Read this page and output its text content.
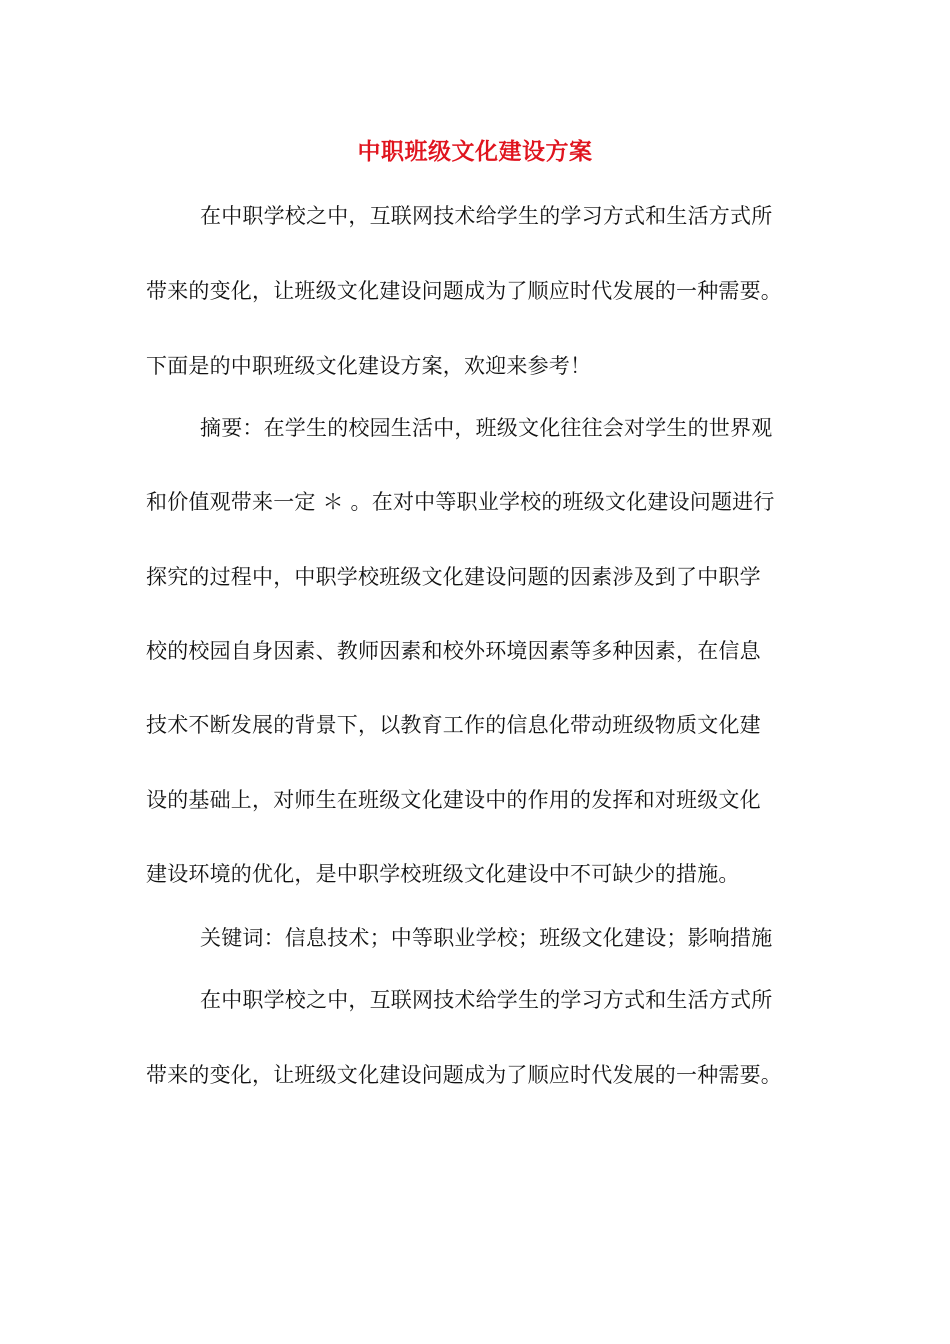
中职班级文化建设方案
在中职学校之中，互联网技术给学生的学习方式和生活方式所
带来的变化，让班级文化建设问题成为了顺应时代发展的一种需要。
下面是的中职班级文化建设方案，欢迎来参考！
摘要：在学生的校园生活中，班级文化往往会对学生的世界观
和价值观带来一定 ＊ 。在对中等职业学校的班级文化建设问题进行
探究的过程中，中职学校班级文化建设问题的因素涉及到了中职学
校的校园自身因素、教师因素和校外环境因素等多种因素，在信息
技术不断发展的背景下，以教育工作的信息化带动班级物质文化建
设的基础上，对师生在班级文化建设中的作用的发挥和对班级文化
建设环境的优化，是中职学校班级文化建设中不可缺少的措施。
关键词：信息技术；中等职业学校；班级文化建设；影响措施
在中职学校之中，互联网技术给学生的学习方式和生活方式所
带来的变化，让班级文化建设问题成为了顺应时代发展的一种需要。
